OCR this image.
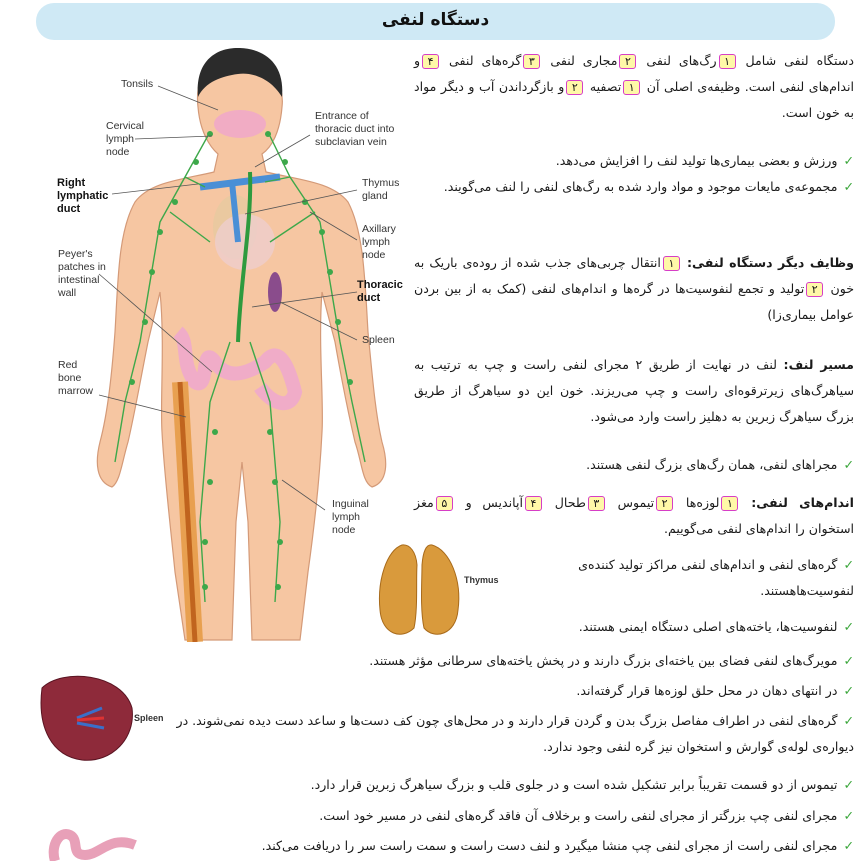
دستگاه لنفی
Tonsils
Cervical
lymph
node
Right
lymphatic
duct
Peyer's
patches in
intestinal
wall
Red
bone
marrow
Entrance of
thoracic duct into
subclavian vein
Thymus
gland
Axillary
lymph
node
Thoracic
duct
Spleen
Inguinal
lymph
node
Thymus
Spleen
دستگاه لنفی شامل ۱رگ‌های لنفی ۲مجاری لنفی ۳گره‌های لنفی ۴و اندام‌های لنفی است. وظیفه‌ی اصلی آن ۱تصفیه ۲و بازگرداندن آب و دیگر مواد به خون است.
✓ورزش و بعضی بیماری‌ها تولید لنف را افزایش می‌دهد.
✓مجموعه‌ی مایعات موجود و مواد وارد شده به رگ‌های لنفی را لنف می‌گویند.
وظایف دیگر دستگاه لنفی: ۱انتقال چربی‌های جذب شده از روده‌ی باریک به خون ۲تولید و تجمع لنفوسیت‌ها در گره‌ها و اندام‌های لنفی (کمک به از بین بردن عوامل بیماری‌زا)
مسیر لنف: لنف در نهایت از طریق ۲ مجرای لنفی راست و چپ به ترتیب به سیاهرگ‌های زیرترقوه‌ای راست و چپ می‌ریزند. خون این دو سیاهرگ از طریق بزرگ سیاهرگ زبرین به دهلیز راست وارد می‌شود.
✓مجراهای لنفی، همان رگ‌های بزرگ لنفی هستند.
اندام‌های لنفی: ۱لوزه‌ها ۲تیموس ۳طحال ۴آپاندیس و ۵مغز استخوان را اندام‌های لنفی می‌گوییم.
✓گره‌های لنفی و اندام‌های لنفی مراکز تولید کننده‌ی لنفوسیت‌هاهستند.
✓لنفوسیت‌ها، یاخته‌های اصلی دستگاه ایمنی هستند.
✓مویرگ‌های لنفی فضای بین یاخته‌ای بزرگ دارند و در پخش یاخته‌های سرطانی مؤثر هستند.
✓در انتهای دهان در محل حلق لوزه‌ها قرار گرفته‌اند.
✓گره‌های لنفی در اطراف مفاصل بزرگ بدن و گردن قرار دارند و در محل‌های چون کف دست‌ها و ساعد دست دیده نمی‌شوند. در دیواره‌ی لوله‌ی گوارش و استخوان نیز گره لنفی وجود ندارد.
✓تیموس از دو قسمت تقریباً برابر تشکیل شده است و در جلوی قلب و بزرگ سیاهرگ زبرین قرار دارد.
✓مجرای لنفی چپ بزرگتر از مجرای لنفی راست و برخلاف آن فاقد گره‌های لنفی در مسیر خود است.
✓مجرای لنفی راست از مجرای لنفی چپ منشا میگیرد و لنف دست راست و سمت راست سر را دریافت می‌کند.
